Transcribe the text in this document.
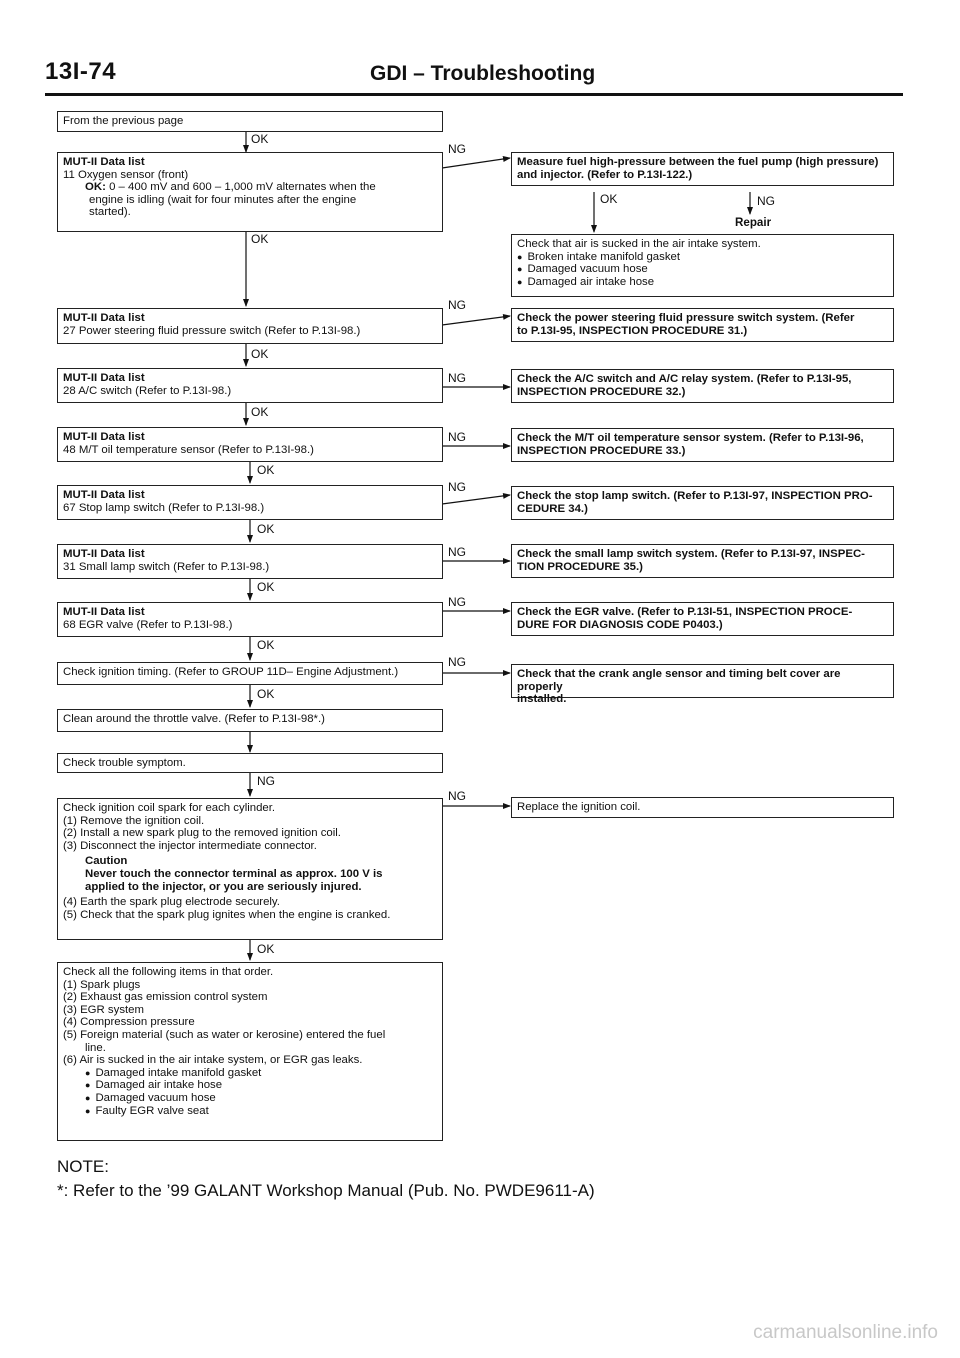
13I-74	GDI – Troubleshooting
OK
NG
OK
OK	NG
NG
OK
NG
OK
NG
OK
NG
OK
NG
OK
NG
OK
NG
OK
NG
NG
OK
From the previous page
MUT-II Data list
11 Oxygen sensor (front)
OK: 0 – 400 mV and 600 – 1,000 mV alternates when the
engine is idling (wait for four minutes after the engine
started).
MUT-II Data list
27 Power steering fluid pressure switch (Refer to P.13I-98.)
MUT-II Data list
28 A/C switch (Refer to P.13I-98.)
MUT-II Data list
48 M/T oil temperature sensor (Refer to P.13I-98.)
MUT-II Data list
67 Stop lamp switch (Refer to P.13I-98.)
MUT-II Data list
31 Small lamp switch (Refer to P.13I-98.)
MUT-II Data list
68 EGR valve (Refer to P.13I-98.)
Check ignition timing. (Refer to GROUP 11D– Engine Adjustment.)
Clean around the throttle valve. (Refer to P.13I-98*.)
Check trouble symptom.
Check ignition coil spark for each cylinder.
(1) Remove the ignition coil.
(2) Install a new spark plug to the removed ignition coil.
(3) Disconnect the injector intermediate connector.
Caution
Never touch the connector terminal as approx. 100 V is
applied to the injector, or you are seriously injured.
(4) Earth the spark plug electrode securely.
(5) Check that the spark plug ignites when the engine is cranked.
Check all the following items in that order.
(1) Spark plugs
(2) Exhaust gas emission control system
(3) EGR system
(4) Compression pressure
(5) Foreign material (such as water or kerosine) entered the fuel
line.
(6) Air is sucked in the air intake system, or EGR gas leaks.
●  Damaged intake manifold gasket
●  Damaged air intake hose
●  Damaged vacuum hose
●  Faulty EGR valve seat
Measure fuel high-pressure between the fuel pump (high pressure)
and injector. (Refer to P.13I-122.)
Repair
Check that air is sucked in the air intake system.
●  Broken intake manifold gasket
●  Damaged vacuum hose
●  Damaged air intake hose
Check the power steering fluid pressure switch system. (Refer
to P.13I-95, INSPECTION PROCEDURE 31.)
Check the A/C switch and A/C relay system. (Refer to P.13I-95,
INSPECTION PROCEDURE 32.)
Check the M/T oil temperature sensor system. (Refer to P.13I-96,
INSPECTION PROCEDURE 33.)
Check the stop lamp switch. (Refer to P.13I-97, INSPECTION PRO-
CEDURE 34.)
Check the small lamp switch system. (Refer to P.13I-97, INSPEC-
TION PROCEDURE 35.)
Check the EGR valve. (Refer to P.13I-51, INSPECTION PROCE-
DURE FOR DIAGNOSIS CODE P0403.)
Check that the crank angle sensor and timing belt cover are properly
installed.
Replace the ignition coil.
NOTE:
*: Refer to the ’99 GALANT Workshop Manual (Pub. No. PWDE9611-A)
carmanualsonline.info
